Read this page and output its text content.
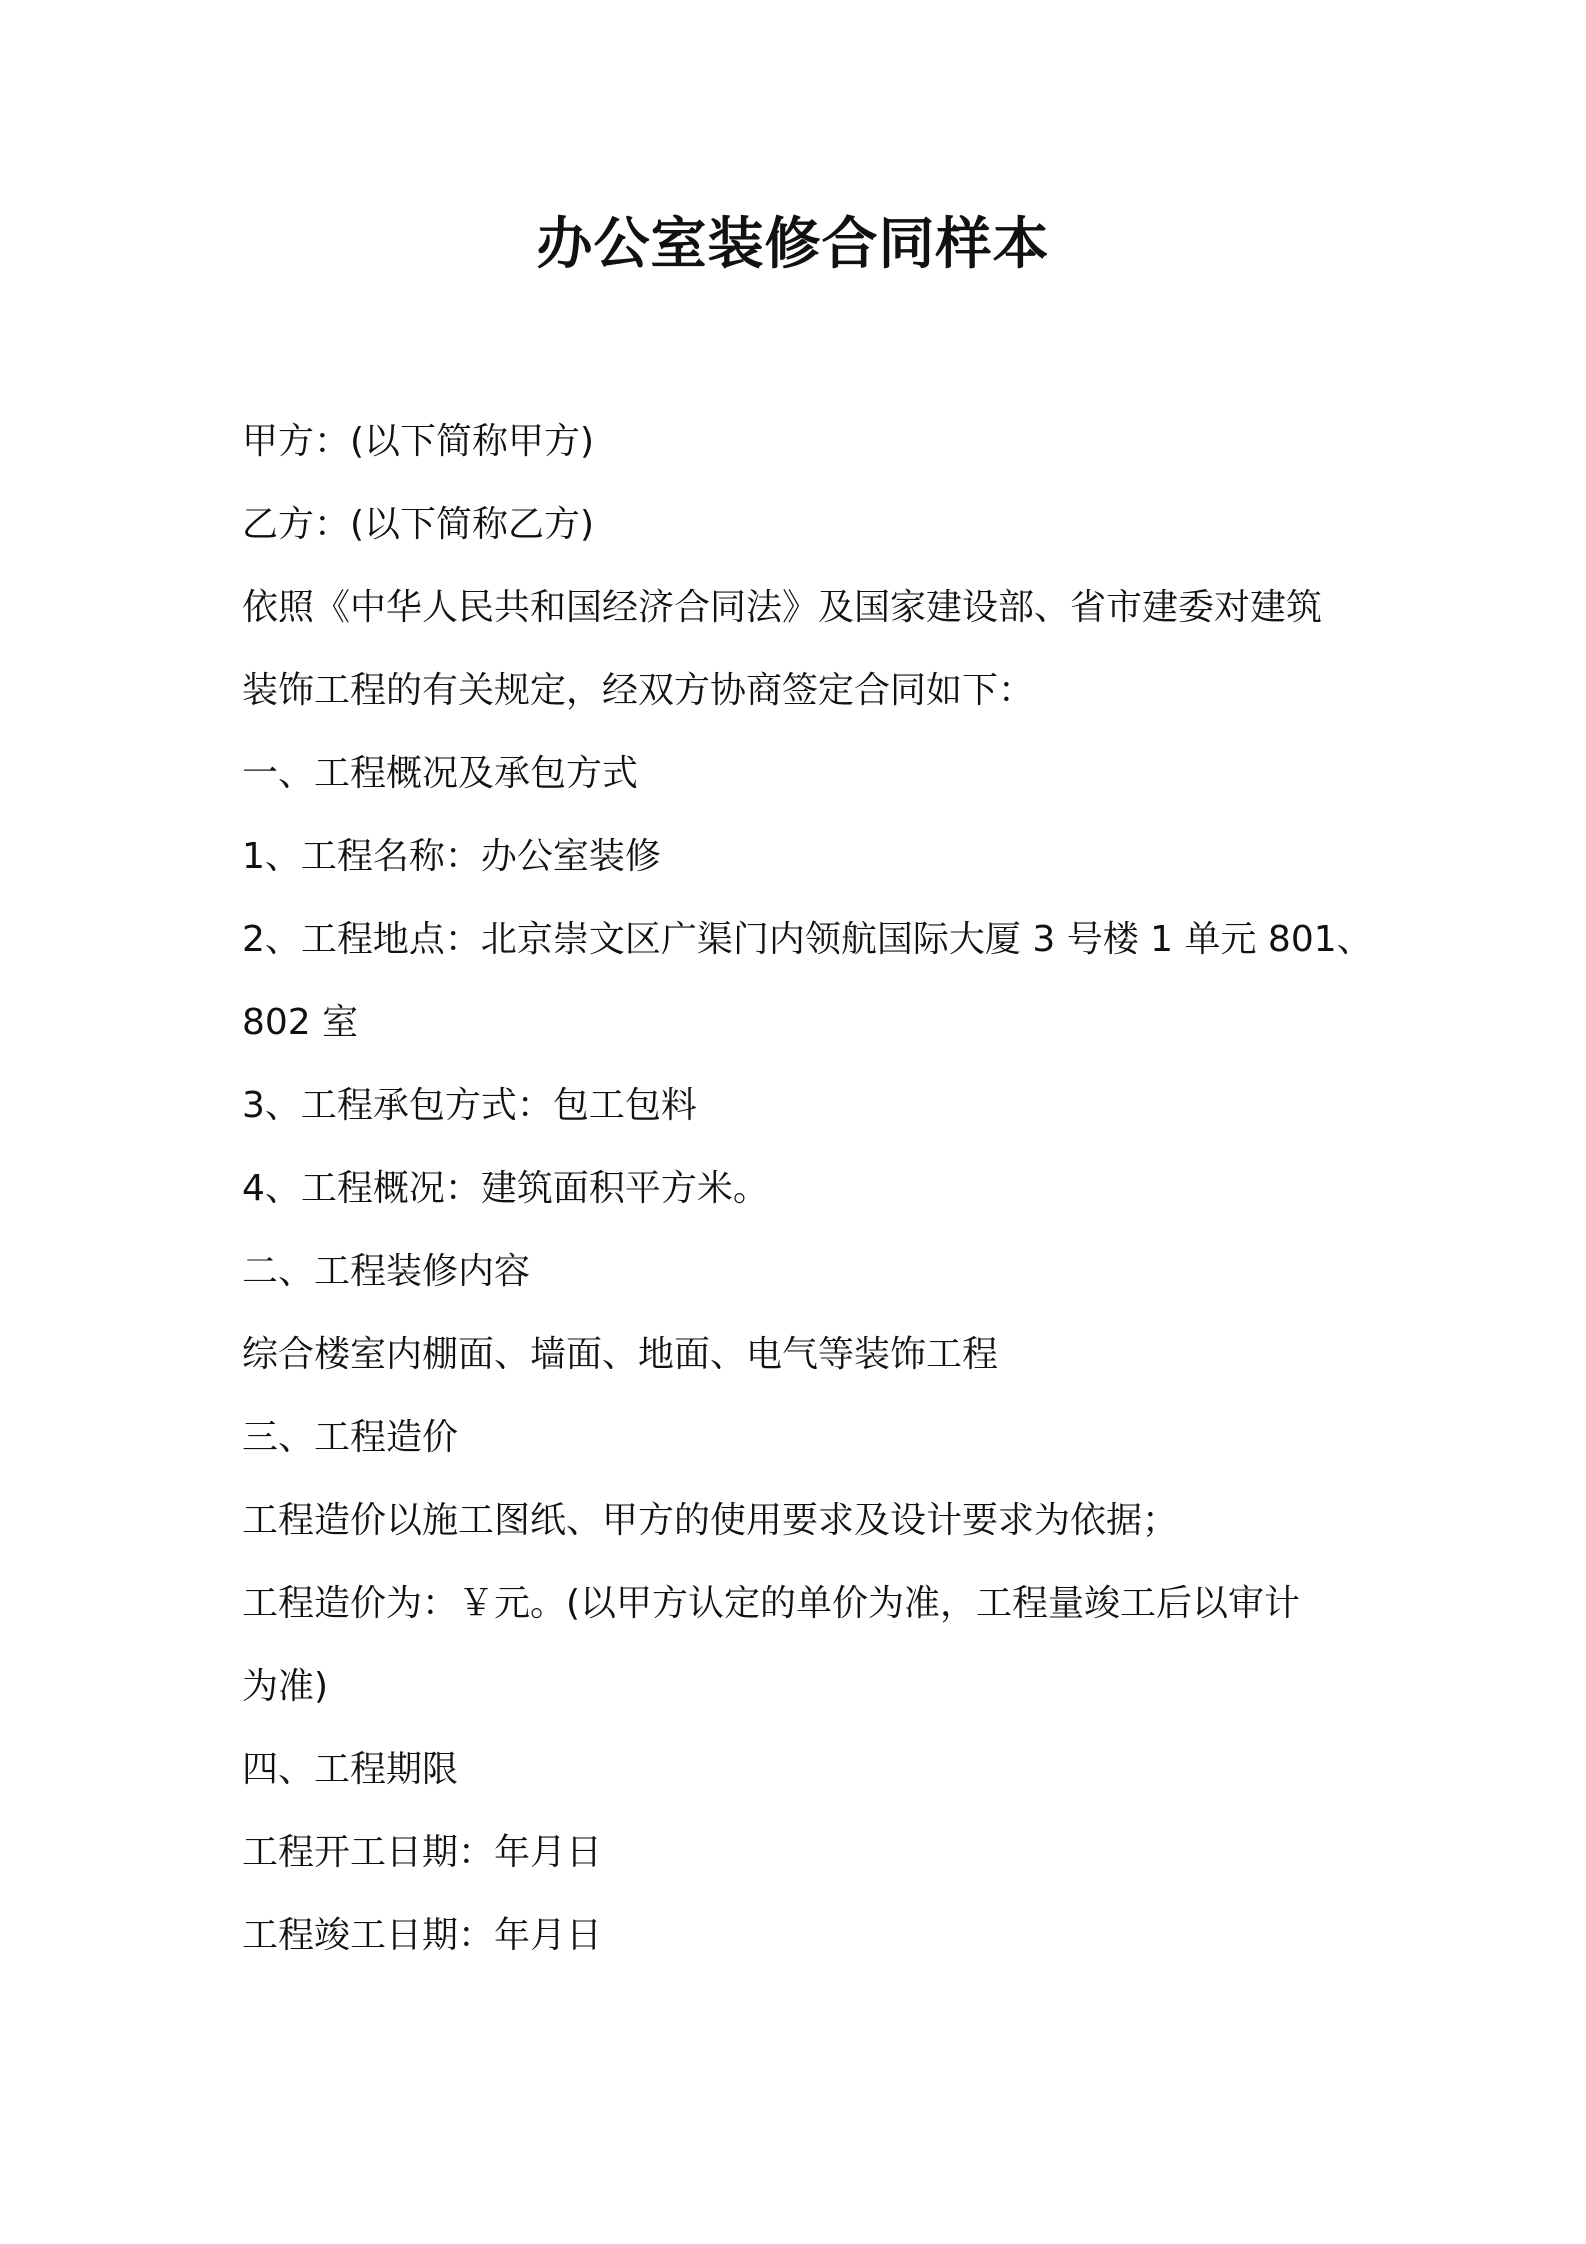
办公室装修合同样本

甲方：(以下简称甲方)

乙方：(以下简称乙方)

依照《中华人民共和国经济合同法》及国家建设部、省市建委对建筑

装饰工程的有关规定，经双方协商签定合同如下：

一、工程概况及承包方式

1、工程名称：办公室装修

2、工程地点：北京崇文区广渠门内领航国际大厦 3 号楼 1 单元 801、

802 室

3、工程承包方式：包工包料

4、工程概况：建筑面积平方米。

二、工程装修内容

综合楼室内棚面、墙面、地面、电气等装饰工程

三、工程造价

工程造价以施工图纸、甲方的使用要求及设计要求为依据；

工程造价为：￥元。(以甲方认定的单价为准，工程量竣工后以审计

为准)

四、工程期限

工程开工日期：年月日

工程竣工日期：年月日
